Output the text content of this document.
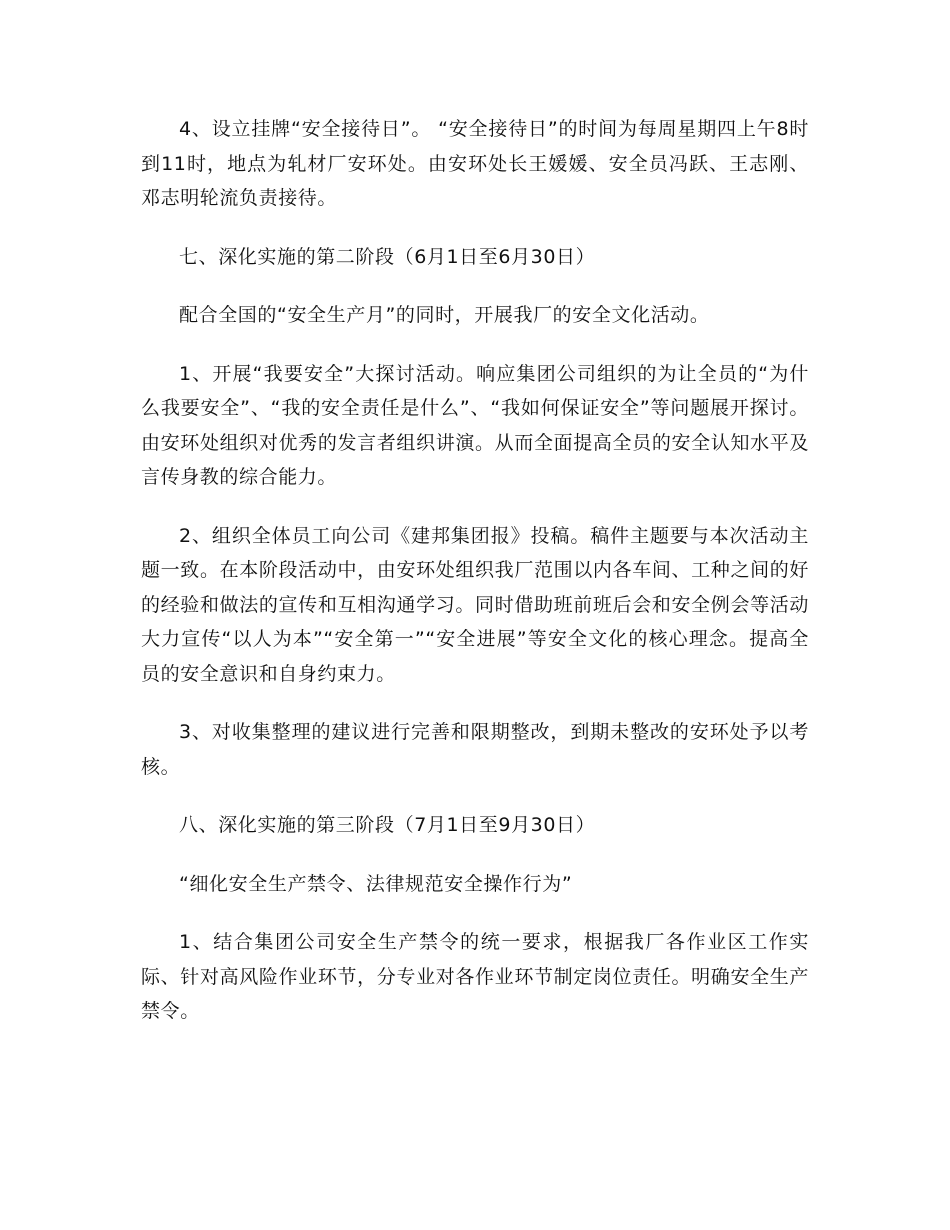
4、设立挂牌“安全接待日”。 “安全接待日”的时间为每周星期四上午8时到11时，地点为轧材厂安环处。由安环处长王媛媛、安全员冯跃、王志刚、邓志明轮流负责接待。

七、深化实施的第二阶段（6月1日至6月30日）

配合全国的“安全生产月”的同时，开展我厂的安全文化活动。

1、开展“我要安全”大探讨活动。响应集团公司组织的为让全员的“为什么我要安全”、“我的安全责任是什么”、“我如何保证安全”等问题展开探讨。由安环处组织对优秀的发言者组织讲演。从而全面提高全员的安全认知水平及言传身教的综合能力。

2、组织全体员工向公司《建邦集团报》投稿。稿件主题要与本次活动主题一致。在本阶段活动中，由安环处组织我厂范围以内各车间、工种之间的好的经验和做法的宣传和互相沟通学习。同时借助班前班后会和安全例会等活动大力宣传“以人为本”“安全第一”“安全进展”等安全文化的核心理念。提高全员的安全意识和自身约束力。

3、对收集整理的建议进行完善和限期整改，到期未整改的安环处予以考核。

八、深化实施的第三阶段（7月1日至9月30日）

“细化安全生产禁令、法律规范安全操作行为”

1、结合集团公司安全生产禁令的统一要求，根据我厂各作业区工作实际、针对高风险作业环节，分专业对各作业环节制定岗位责任。明确安全生产禁令。
